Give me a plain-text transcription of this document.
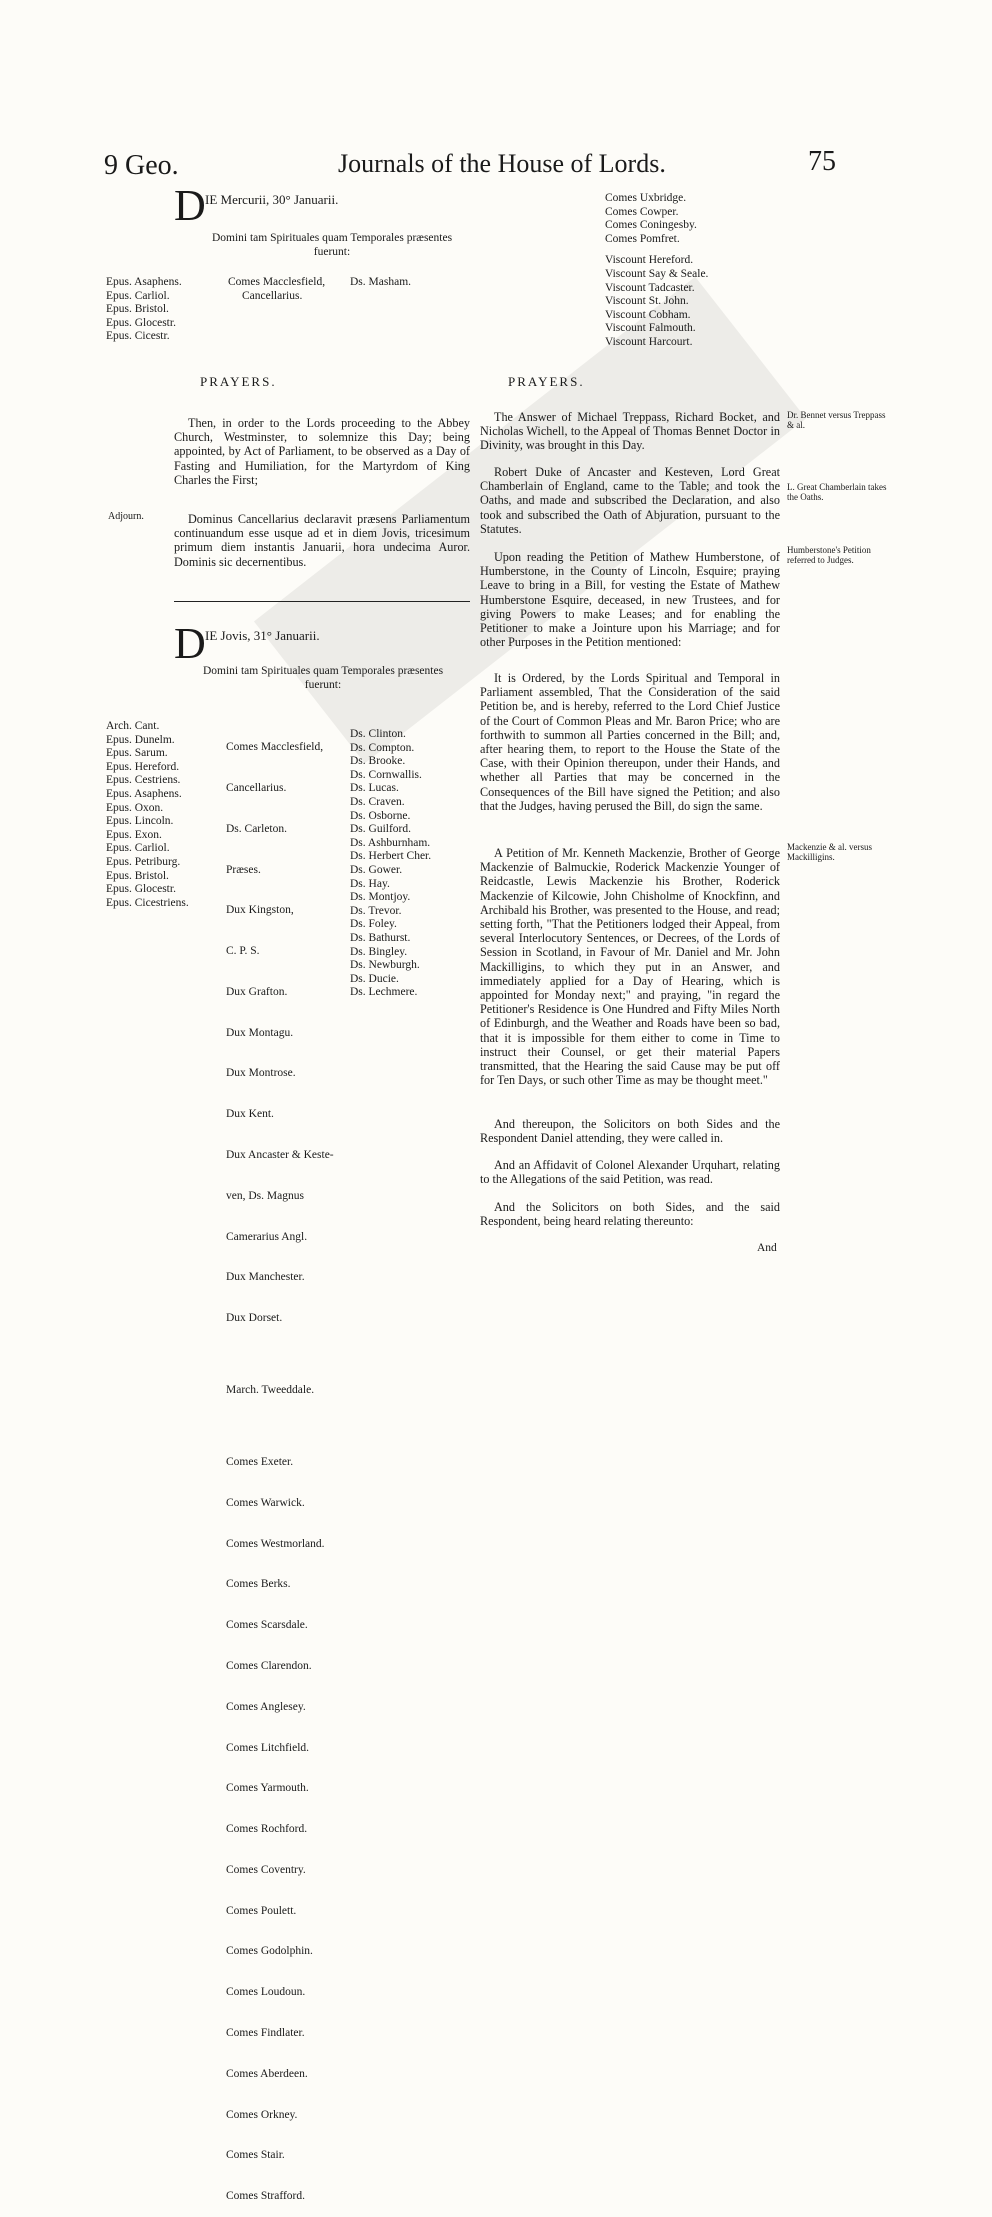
9 Geo.	Journals of the House of Lords.	75
D IE Mercurii, 30° Januarii.
Domini tam Spirituales quam Temporales præsentes
fuerunt:
Epus. Asaphens.
Epus. Carliol.
Epus. Bristol.
Epus. Glocestr.
Epus. Cicestr.
Comes Macclesfield,
Cancellarius.
Ds. Masham.
Comes Uxbridge.
Comes Cowper.
Comes Coningesby.
Comes Pomfret.
Viscount Hereford.
Viscount Say & Seale.
Viscount Tadcaster.
Viscount St. John.
Viscount Cobham.
Viscount Falmouth.
Viscount Harcourt.
PRAYERS.	PRAYERS.
Then, in order to the Lords proceeding to the Abbey Church, Westminster, to solemnize this Day; being appointed, by Act of Parliament, to be observed as a Day of Fasting and Humiliation, for the Martyrdom of King Charles the First;
Adjourn.	Dominus Cancellarius declaravit præsens Parliamentum continuandum esse usque ad et in diem Jovis, tricesimum primum diem instantis Januarii, hora undecima Auror. Dominis sic decernentibus.
D IE Jovis, 31° Januarii.
Domini tam Spirituales quam Temporales præsentes
fuerunt:
Arch. Cant.
Epus. Dunelm.
Epus. Sarum.
Epus. Hereford.
Epus. Cestriens.
Epus. Asaphens.
Epus. Oxon.
Epus. Lincoln.
Epus. Exon.
Epus. Carliol.
Epus. Petriburg.
Epus. Bristol.
Epus. Glocestr.
Epus. Cicestriens.

Comes Macclesfield,

Cancellarius.

Ds. Carleton.

Præses.

Dux Kingston,

C. P. S.

Dux Grafton.

Dux Montagu.

Dux Montrose.

Dux Kent.

Dux Ancaster & Keste-

ven, Ds. Magnus

Camerarius Angl.

Dux Manchester.

Dux Dorset.

March. Tweeddale.

Comes Exeter.

Comes Warwick.

Comes Westmorland.

Comes Berks.

Comes Scarsdale.

Comes Clarendon.

Comes Anglesey.

Comes Litchfield.

Comes Yarmouth.

Comes Rochford.

Comes Coventry.

Comes Poulett.

Comes Godolphin.

Comes Loudoun.

Comes Findlater.

Comes Aberdeen.

Comes Orkney.

Comes Stair.

Comes Strafford.

Ds. Clinton.
Ds. Compton.
Ds. Brooke.
Ds. Cornwallis.
Ds. Lucas.
Ds. Craven.
Ds. Osborne.
Ds. Guilford.
Ds. Ashburnham.
Ds. Herbert Cher.
Ds. Gower.
Ds. Hay.
Ds. Montjoy.
Ds. Trevor.
Ds. Foley.
Ds. Bathurst.
Ds. Bingley.
Ds. Newburgh.
Ds. Ducie.
Ds. Lechmere.
The Answer of Michael Treppass, Richard Bocket, and Nicholas Wichell, to the Appeal of Thomas Bennet Doctor in Divinity, was brought in this Day.
Dr. Bennet versus Treppass & al.
Robert Duke of Ancaster and Kesteven, Lord Great Chamberlain of England, came to the Table; and took the Oaths, and made and subscribed the Declaration, and also took and subscribed the Oath of Abjuration, pursuant to the Statutes.
L. Great Chamberlain takes the Oaths.
Upon reading the Petition of Mathew Humberstone, of Humberstone, in the County of Lincoln, Esquire; praying Leave to bring in a Bill, for vesting the Estate of Mathew Humberstone Esquire, deceased, in new Trustees, and for giving Powers to make Leases; and for enabling the Petitioner to make a Jointure upon his Marriage; and for other Purposes in the Petition mentioned:
Humberstone's Petition referred to Judges.
It is Ordered, by the Lords Spiritual and Temporal in Parliament assembled, That the Consideration of the said Petition be, and is hereby, referred to the Lord Chief Justice of the Court of Common Pleas and Mr. Baron Price; who are forthwith to summon all Parties concerned in the Bill; and, after hearing them, to report to the House the State of the Case, with their Opinion thereupon, under their Hands, and whether all Parties that may be concerned in the Consequences of the Bill have signed the Petition; and also that the Judges, having perused the Bill, do sign the same.
A Petition of Mr. Kenneth Mackenzie, Brother of George Mackenzie of Balmuckie, Roderick Mackenzie Younger of Reidcastle, Lewis Mackenzie his Brother, Roderick Mackenzie of Kilcowie, John Chisholme of Knockfinn, and Archibald his Brother, was presented to the House, and read; setting forth, "That the Petitioners lodged their Appeal, from several Interlocutory Sentences, or Decrees, of the Lords of Session in Scotland, in Favour of Mr. Daniel and Mr. John Mackilligins, to which they put in an Answer, and immediately applied for a Day of Hearing, which is appointed for Monday next;" and praying, "in regard the Petitioner's Residence is One Hundred and Fifty Miles North of Edinburgh, and the Weather and Roads have been so bad, that it is impossible for them either to come in Time to instruct their Counsel, or get their material Papers transmitted, that the Hearing the said Cause may be put off for Ten Days, or such other Time as may be thought meet."
Mackenzie & al. versus Mackilligins.
And thereupon, the Solicitors on both Sides and the Respondent Daniel attending, they were called in.
And an Affidavit of Colonel Alexander Urquhart, relating to the Allegations of the said Petition, was read.
And the Solicitors on both Sides, and the said Respondent, being heard relating thereunto:
And
